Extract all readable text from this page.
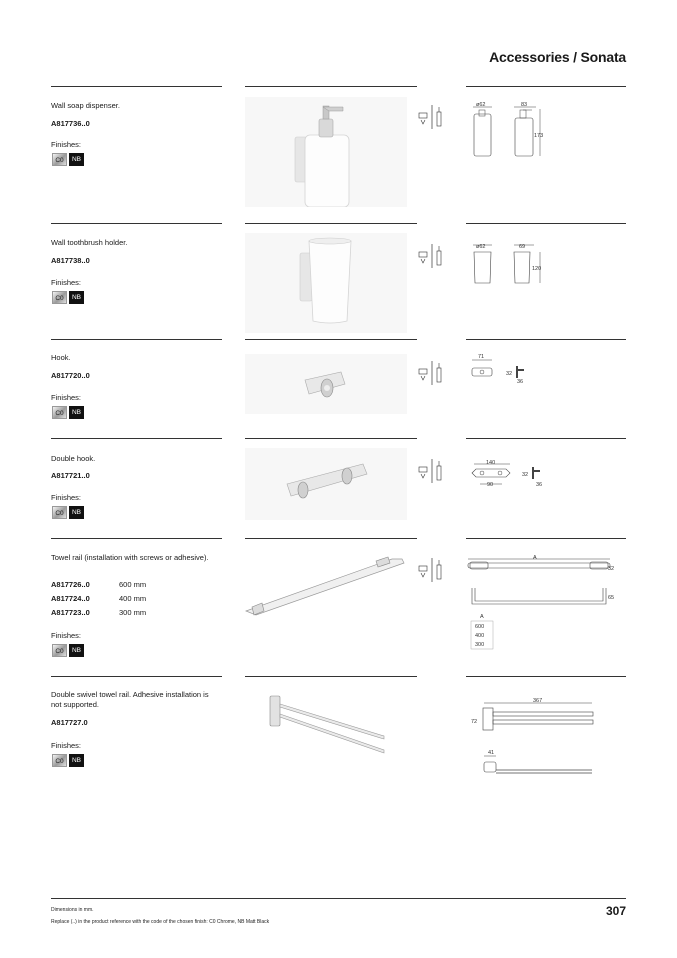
Accessories / Sonata
Wall soap dispenser.
A817736..0
Finishes:
C0	NB
Wall toothbrush holder.
A817738..0
Finishes:
C0	NB
Hook.
A817720..0
Finishes:
C0	NB
Double hook.
A817721..0
Finishes:
C0	NB
Towel rail (installation with screws or adhesive).
A817726..0	600 mm
A817724..0	400 mm
A817723..0	300 mm
Finishes:
C0	NB
Double swivel towel rail. Adhesive installation is not supported.
A817727.0
Finishes:
C0	NB
ø62	83
173
ø62	69
120
71
32
36
140
90
32
36
A
32
65
A
600
400
300
367
72
41
Dimensions in mm.
Replace (..) in the product reference with the code of the chosen finish: C0 Chrome, NB Matt Black
307
